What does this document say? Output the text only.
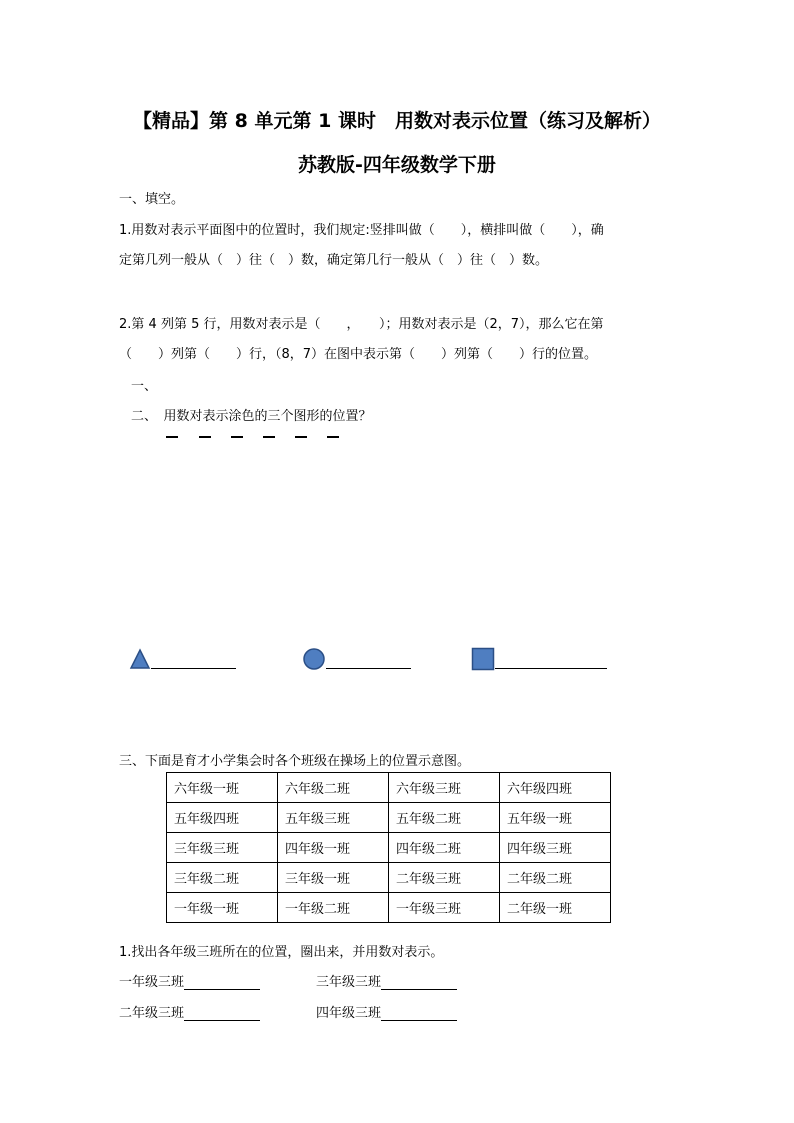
【精品】第 8 单元第 1 课时　用数对表示位置（练习及解析）
苏教版-四年级数学下册
一、填空。
1.用数对表示平面图中的位置时，我们规定:竖排叫做（　　），横排叫做（　　），确
定第几列一般从（　）往（　）数，确定第几行一般从（　）往（　）数。
2.第 4 列第 5 行，用数对表示是（　　，　　）；用数对表示是（2，7），那么它在第
（　　）列第（　　）行，（8，7）在图中表示第（　　）列第（　　）行的位置。
一、
二、　用数对表示涂色的三个图形的位置？
三、下面是育才小学集会时各个班级在操场上的位置示意图。
六年级一班	六年级二班	六年级三班	六年级四班
五年级四班	五年级三班	五年级二班	五年级一班
三年级三班	四年级一班	四年级二班	四年级三班
三年级二班	三年级一班	二年级三班	二年级二班
一年级一班	一年级二班	一年级三班	二年级一班
1.找出各年级三班所在的位置，圈出来，并用数对表示。
一年级三班	三年级三班
二年级三班	四年级三班
